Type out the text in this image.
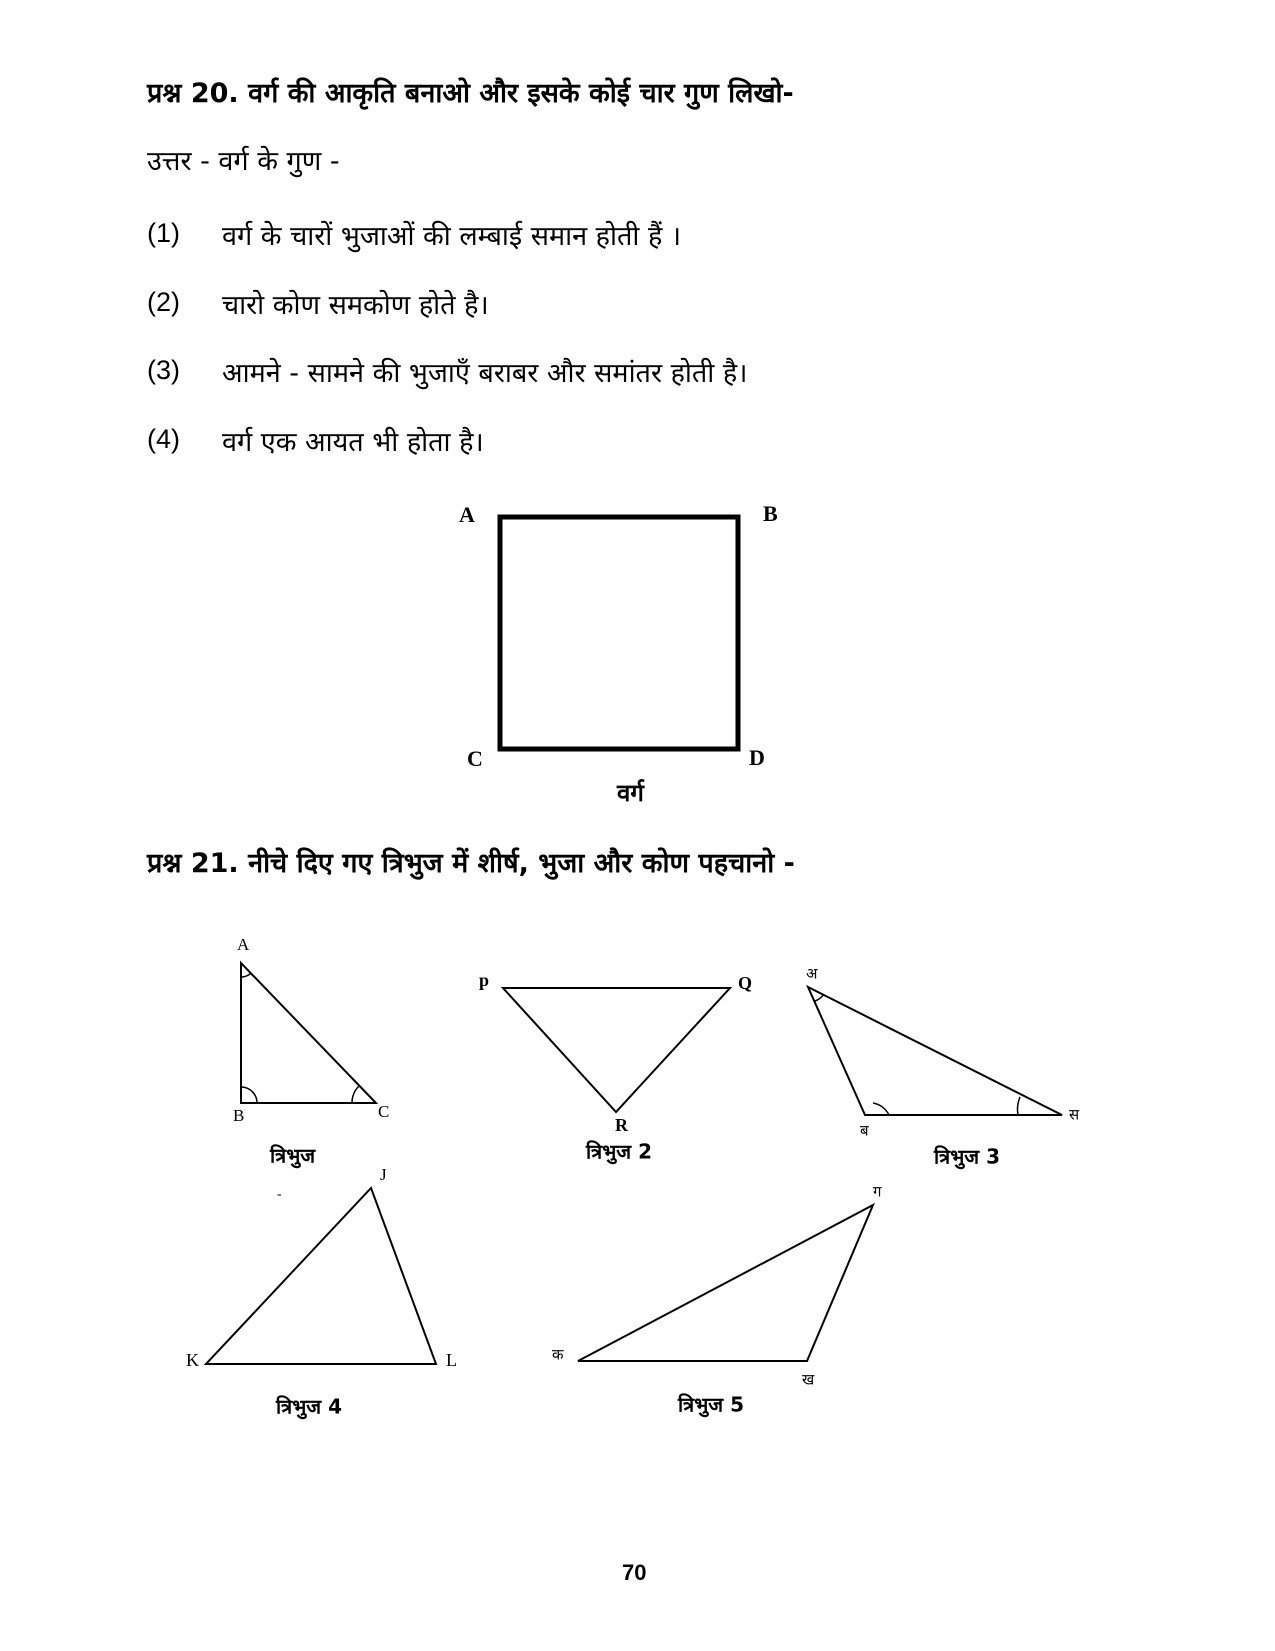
प्रश्न 20. वर्ग की आकृति बनाओ और इसके कोई चार गुण लिखो-
उत्तर - वर्ग के गुण -
(1) वर्ग के चारों भुजाओं की लम्बाई समान होती हैं ।
(2) चारो कोण समकोण होते है।
(3) आमने - सामने की भुजाएँ बराबर और समांतर होती है।
(4) वर्ग एक आयत भी होता है।
A	B
C	D
वर्ग
प्रश्न 21. नीचे दिए गए त्रिभुज में शीर्ष, भुजा और कोण पहचानो -
A
B	C
त्रिभुज
-
p	Q
R
त्रिभुज 2
अ
ब
स
त्रिभुज 3
J
K	L
त्रिभुज 4
ग
क
ख
त्रिभुज 5
70
